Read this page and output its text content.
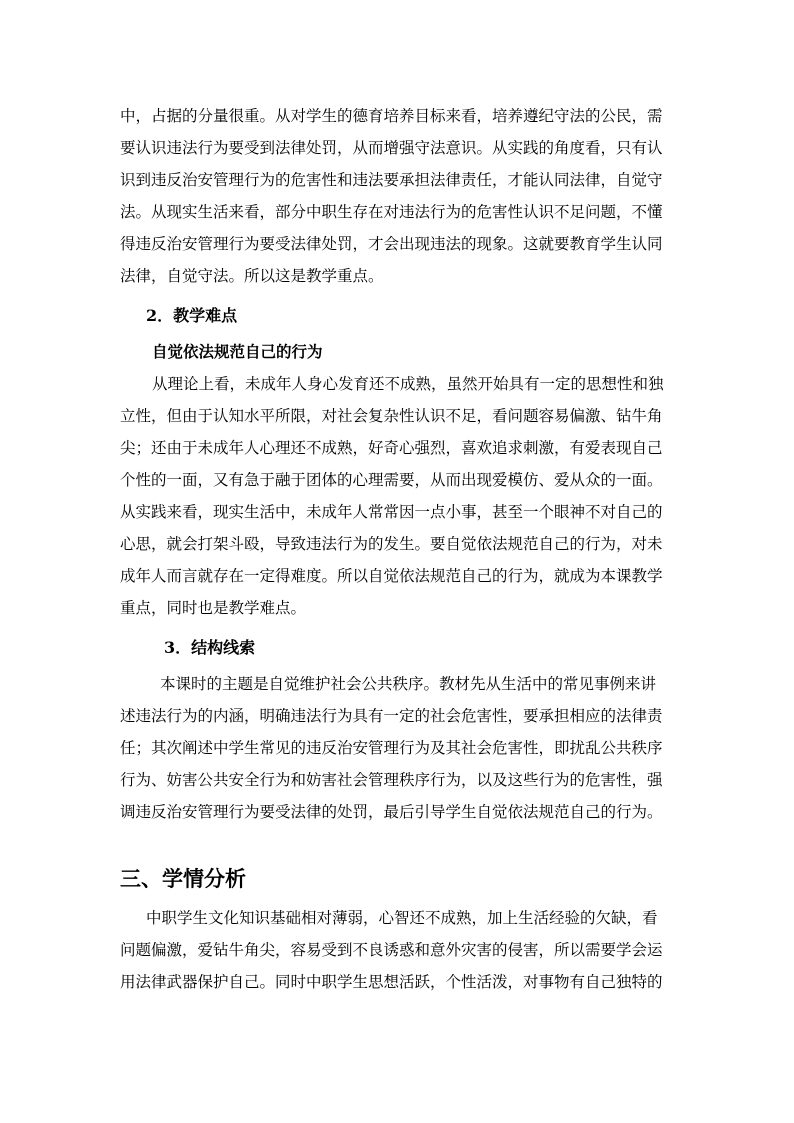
中，占据的分量很重。从对学生的德育培养目标来看，培养遵纪守法的公民，需
要认识违法行为要受到法律处罚，从而增强守法意识。从实践的角度看，只有认
识到违反治安管理行为的危害性和违法要承担法律责任，才能认同法律，自觉守
法。从现实生活来看，部分中职生存在对违法行为的危害性认识不足问题，不懂
得违反治安管理行为要受法律处罚，才会出现违法的现象。这就要教育学生认同
法律，自觉守法。所以这是教学重点。
2．教学难点
自觉依法规范自己的行为
从理论上看，未成年人身心发育还不成熟，虽然开始具有一定的思想性和独
立性，但由于认知水平所限，对社会复杂性认识不足，看问题容易偏激、钻牛角
尖；还由于未成年人心理还不成熟，好奇心强烈，喜欢追求刺激，有爱表现自己
个性的一面，又有急于融于团体的心理需要，从而出现爱模仿、爱从众的一面。
从实践来看，现实生活中，未成年人常常因一点小事，甚至一个眼神不对自己的
心思，就会打架斗殴，导致违法行为的发生。要自觉依法规范自己的行为，对未
成年人而言就存在一定得难度。所以自觉依法规范自己的行为，就成为本课教学
重点，同时也是教学难点。
3．结构线索
本课时的主题是自觉维护社会公共秩序。教材先从生活中的常见事例来讲
述违法行为的内涵，明确违法行为具有一定的社会危害性，要承担相应的法律责
任；其次阐述中学生常见的违反治安管理行为及其社会危害性，即扰乱公共秩序
行为、妨害公共安全行为和妨害社会管理秩序行为，以及这些行为的危害性，强
调违反治安管理行为要受法律的处罚，最后引导学生自觉依法规范自己的行为。
三、学情分析
中职学生文化知识基础相对薄弱，心智还不成熟，加上生活经验的欠缺，看
问题偏激，爱钻牛角尖，容易受到不良诱惑和意外灾害的侵害，所以需要学会运
用法律武器保护自己。同时中职学生思想活跃，个性活泼，对事物有自己独特的
